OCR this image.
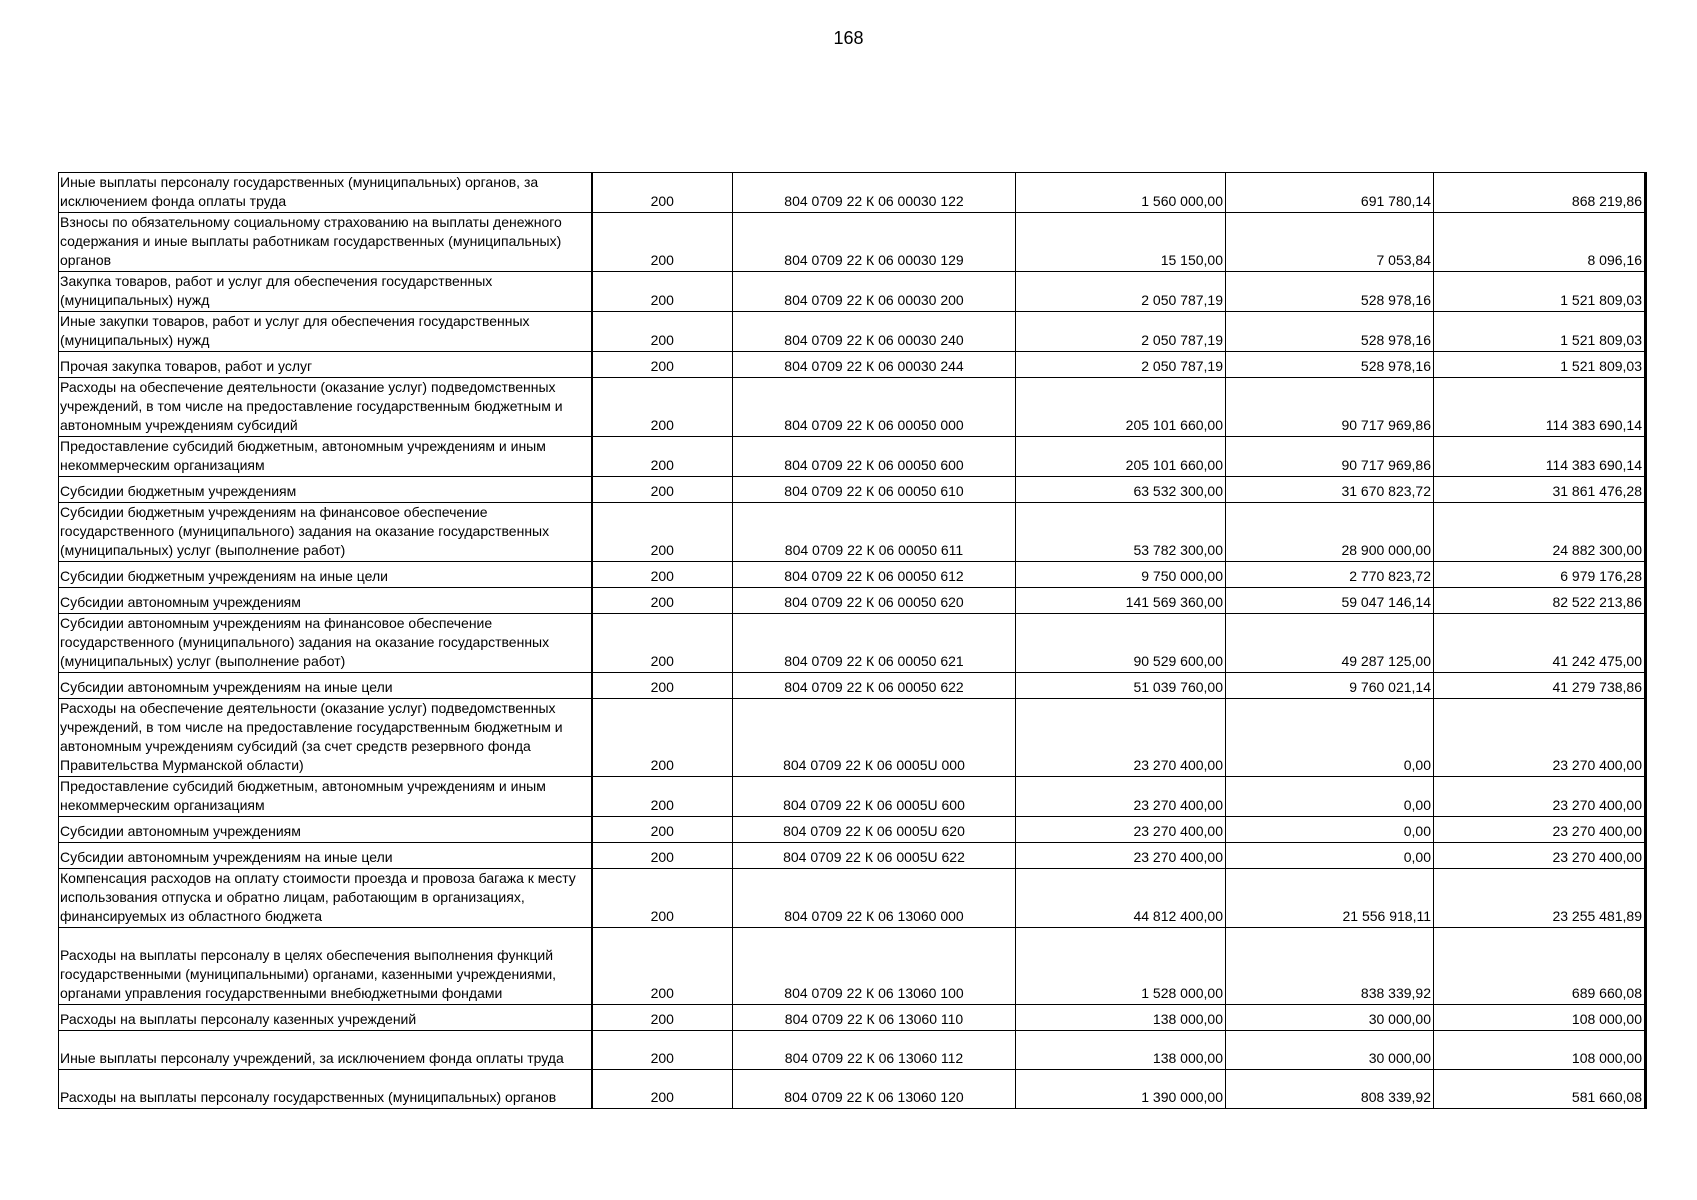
168
Иные выплаты персоналу государственных (муниципальных) органов, за исключением фонда оплаты труда	200	804 0709 22 К 06 00030 122	1 560 000,00	691 780,14	868 219,86
Взносы по обязательному социальному страхованию на выплаты денежного содержания и иные выплаты работникам государственных (муниципальных) органов	200	804 0709 22 К 06 00030 129	15 150,00	7 053,84	8 096,16
Закупка товаров, работ и услуг для обеспечения государственных (муниципальных) нужд	200	804 0709 22 К 06 00030 200	2 050 787,19	528 978,16	1 521 809,03
Иные закупки товаров, работ и услуг для обеспечения государственных (муниципальных) нужд	200	804 0709 22 К 06 00030 240	2 050 787,19	528 978,16	1 521 809,03
Прочая закупка товаров, работ и услуг	200	804 0709 22 К 06 00030 244	2 050 787,19	528 978,16	1 521 809,03
Расходы на обеспечение деятельности (оказание услуг) подведомственных учреждений, в том числе на предоставление государственным бюджетным и автономным учреждениям субсидий	200	804 0709 22 К 06 00050 000	205 101 660,00	90 717 969,86	114 383 690,14
Предоставление субсидий бюджетным, автономным учреждениям и иным некоммерческим организациям	200	804 0709 22 К 06 00050 600	205 101 660,00	90 717 969,86	114 383 690,14
Субсидии бюджетным учреждениям	200	804 0709 22 К 06 00050 610	63 532 300,00	31 670 823,72	31 861 476,28
Субсидии бюджетным учреждениям на финансовое обеспечение государственного (муниципального) задания на оказание государственных (муниципальных) услуг (выполнение работ)	200	804 0709 22 К 06 00050 611	53 782 300,00	28 900 000,00	24 882 300,00
Субсидии бюджетным учреждениям на иные цели	200	804 0709 22 К 06 00050 612	9 750 000,00	2 770 823,72	6 979 176,28
Субсидии автономным учреждениям	200	804 0709 22 К 06 00050 620	141 569 360,00	59 047 146,14	82 522 213,86
Субсидии автономным учреждениям на финансовое обеспечение государственного (муниципального) задания на оказание государственных (муниципальных) услуг (выполнение работ)	200	804 0709 22 К 06 00050 621	90 529 600,00	49 287 125,00	41 242 475,00
Субсидии автономным учреждениям на иные цели	200	804 0709 22 К 06 00050 622	51 039 760,00	9 760 021,14	41 279 738,86
Расходы на обеспечение деятельности (оказание услуг) подведомственных учреждений, в том числе на предоставление государственным бюджетным и автономным учреждениям субсидий (за счет средств резервного фонда Правительства Мурманской области)	200	804 0709 22 К 06 0005U 000	23 270 400,00	0,00	23 270 400,00
Предоставление субсидий бюджетным, автономным учреждениям и иным некоммерческим организациям	200	804 0709 22 К 06 0005U 600	23 270 400,00	0,00	23 270 400,00
Субсидии автономным учреждениям	200	804 0709 22 К 06 0005U 620	23 270 400,00	0,00	23 270 400,00
Субсидии автономным учреждениям на иные цели	200	804 0709 22 К 06 0005U 622	23 270 400,00	0,00	23 270 400,00
Компенсация расходов на оплату стоимости проезда и провоза багажа к месту использования отпуска и обратно лицам, работающим в организациях, финансируемых из областного бюджета	200	804 0709 22 К 06 13060 000	44 812 400,00	21 556 918,11	23 255 481,89
Расходы на выплаты персоналу в целях обеспечения выполнения функций государственными (муниципальными) органами, казенными учреждениями, органами управления государственными внебюджетными фондами	200	804 0709 22 К 06 13060 100	1 528 000,00	838 339,92	689 660,08
Расходы на выплаты персоналу казенных учреждений	200	804 0709 22 К 06 13060 110	138 000,00	30 000,00	108 000,00
Иные выплаты персоналу учреждений, за исключением фонда оплаты труда	200	804 0709 22 К 06 13060 112	138 000,00	30 000,00	108 000,00
Расходы на выплаты персоналу государственных (муниципальных) органов	200	804 0709 22 К 06 13060 120	1 390 000,00	808 339,92	581 660,08
